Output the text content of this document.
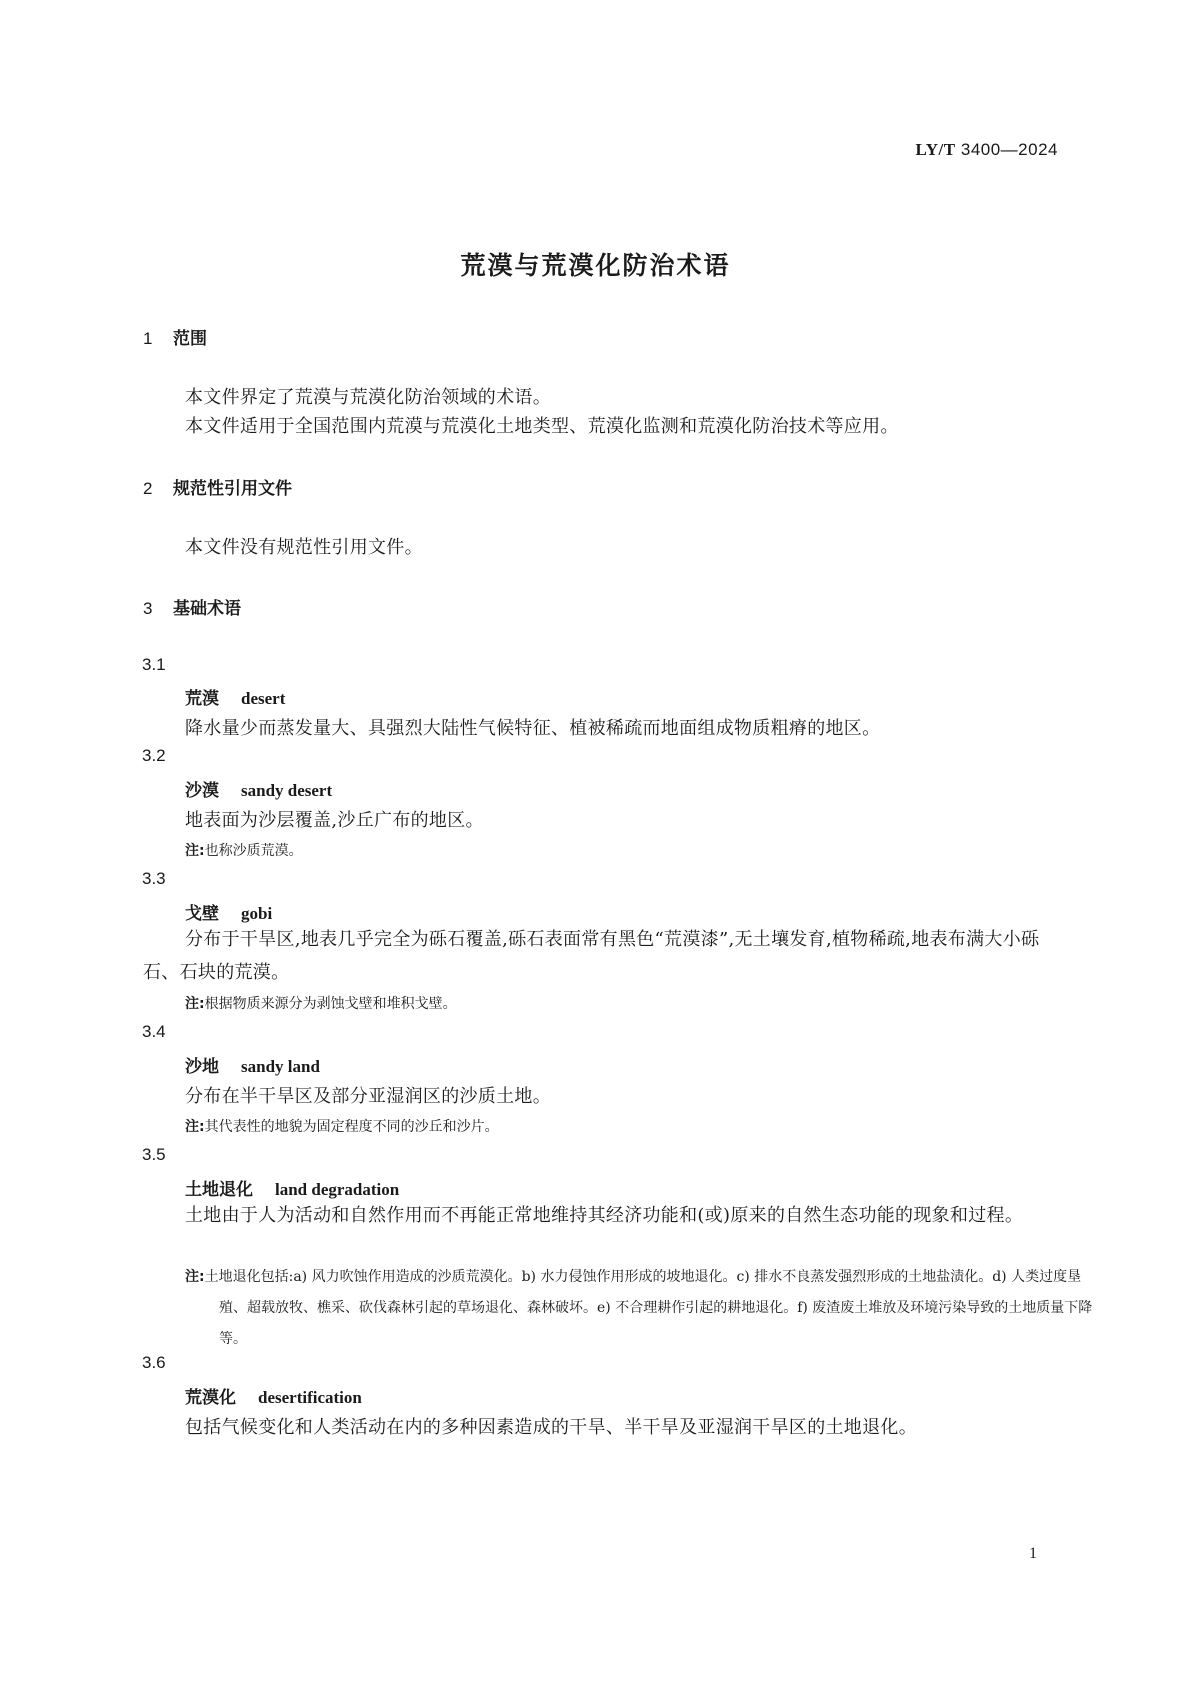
LY/T 3400—2024
荒漠与荒漠化防治术语
1 范围
本文件界定了荒漠与荒漠化防治领域的术语。
本文件适用于全国范围内荒漠与荒漠化土地类型、荒漠化监测和荒漠化防治技术等应用。
2 规范性引用文件
本文件没有规范性引用文件。
3 基础术语
3.1
荒漠 desert
降水量少而蒸发量大、具强烈大陆性气候特征、植被稀疏而地面组成物质粗瘠的地区。
3.2
沙漠 sandy desert
地表面为沙层覆盖,沙丘广布的地区。
注:也称沙质荒漠。
3.3
戈壁 gobi
分布于干旱区,地表几乎完全为砾石覆盖,砾石表面常有黑色“荒漠漆”,无土壤发育,植物稀疏,地表布满大小砾石、石块的荒漠。
注:根据物质来源分为剥蚀戈壁和堆积戈壁。
3.4
沙地 sandy land
分布在半干旱区及部分亚湿润区的沙质土地。
注:其代表性的地貌为固定程度不同的沙丘和沙片。
3.5
土地退化 land degradation
土地由于人为活动和自然作用而不再能正常地维持其经济功能和(或)原来的自然生态功能的现象和过程。
注:土地退化包括:a) 风力吹蚀作用造成的沙质荒漠化。b) 水力侵蚀作用形成的坡地退化。c) 排水不良蒸发强烈形成的土地盐渍化。d) 人类过度垦殖、超载放牧、樵采、砍伐森林引起的草场退化、森林破坏。e) 不合理耕作引起的耕地退化。f) 废渣废土堆放及环境污染导致的土地质量下降等。
3.6
荒漠化 desertification
包括气候变化和人类活动在内的多种因素造成的干旱、半干旱及亚湿润干旱区的土地退化。
1
